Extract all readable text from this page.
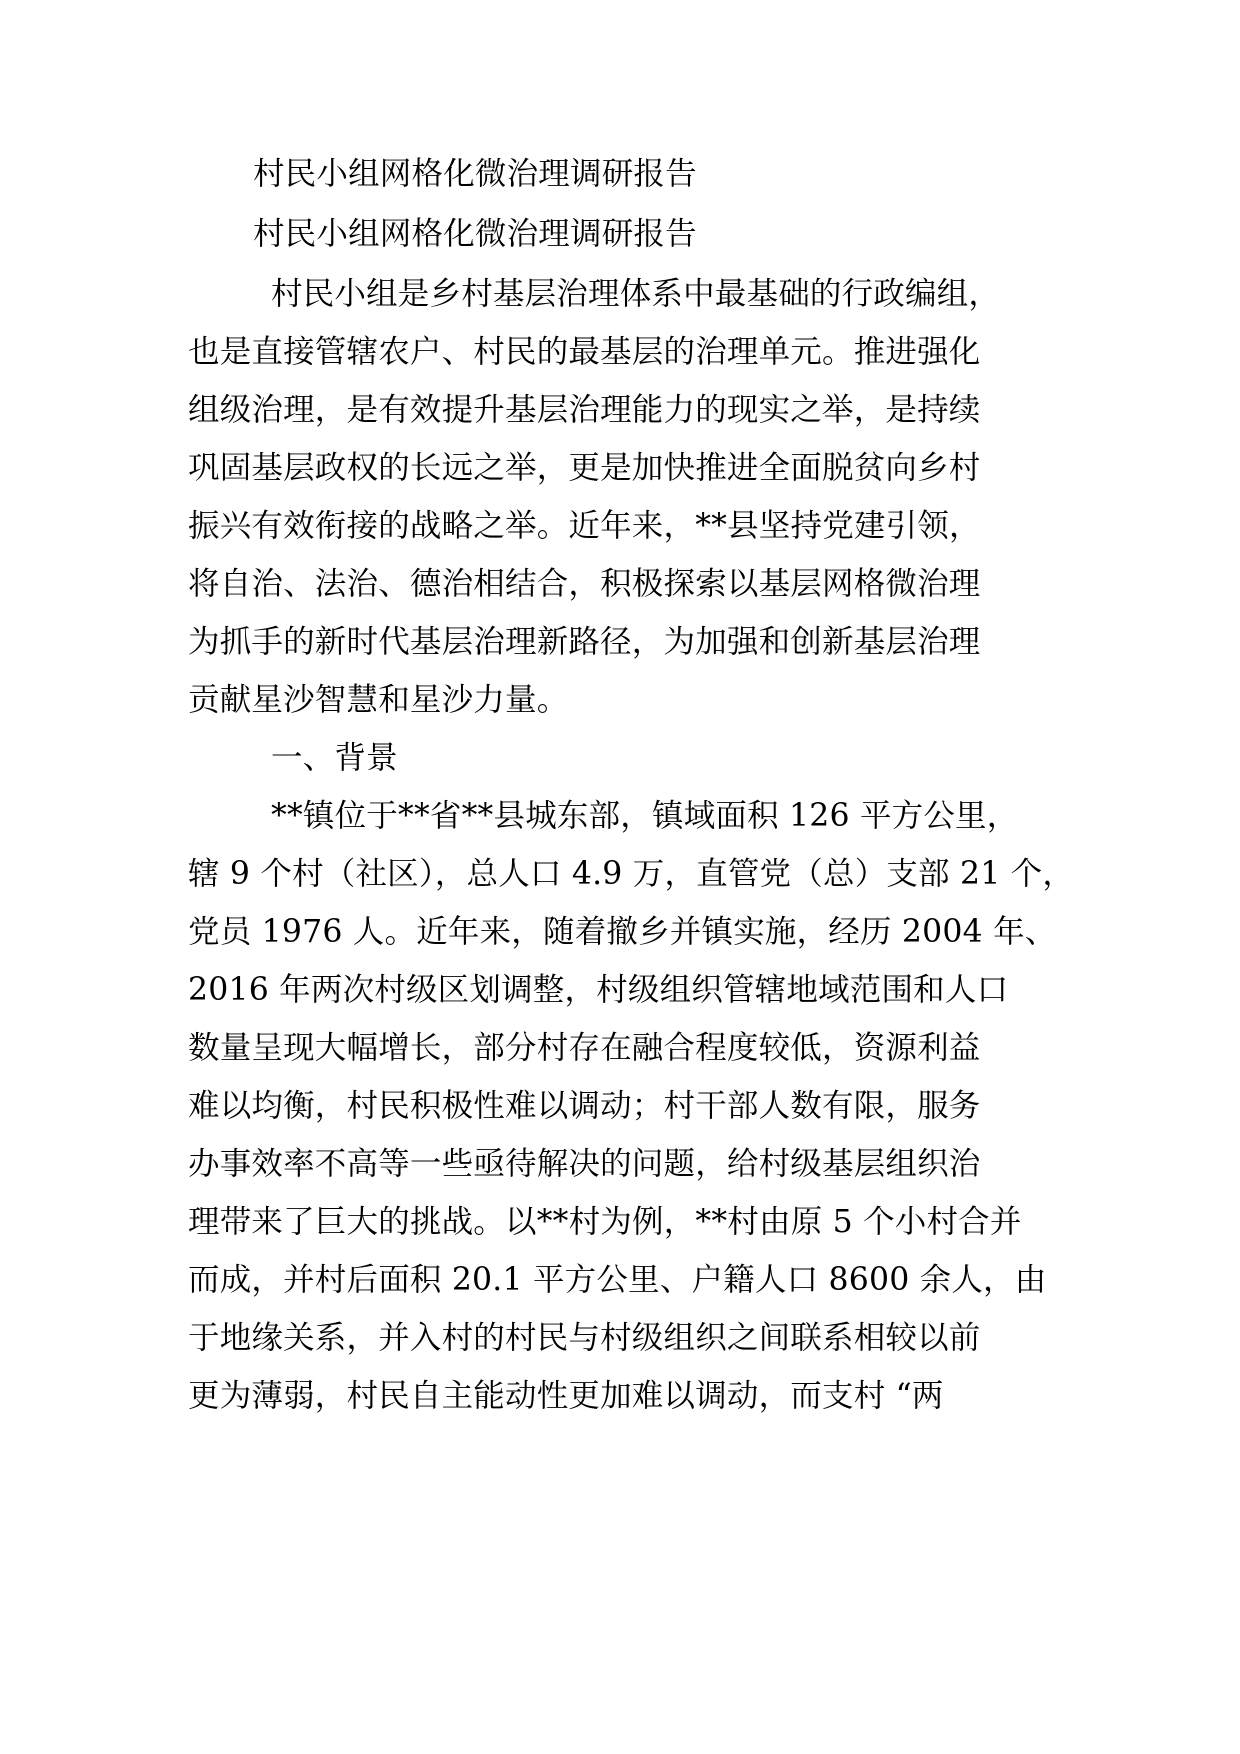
村民小组网格化微治理调研报告
村民小组网格化微治理调研报告
村民小组是乡村基层治理体系中最基础的行政编组，
也是直接管辖农户、村民的最基层的治理单元。推进强化
组级治理，是有效提升基层治理能力的现实之举，是持续
巩固基层政权的长远之举，更是加快推进全面脱贫向乡村
振兴有效衔接的战略之举。近年来，**县坚持党建引领，
将自治、法治、德治相结合，积极探索以基层网格微治理
为抓手的新时代基层治理新路径，为加强和创新基层治理
贡献星沙智慧和星沙力量。
一、背景
**镇位于**省**县城东部，镇域面积 126 平方公里，
辖 9 个村（社区），总人口 4.9 万，直管党（总）支部 21 个，
党员 1976 人。近年来，随着撤乡并镇实施，经历 2004 年、
2016 年两次村级区划调整，村级组织管辖地域范围和人口
数量呈现大幅增长，部分村存在融合程度较低，资源利益
难以均衡，村民积极性难以调动；村干部人数有限，服务
办事效率不高等一些亟待解决的问题，给村级基层组织治
理带来了巨大的挑战。以**村为例，**村由原 5 个小村合并
而成，并村后面积 20.1 平方公里、户籍人口 8600 余人，由
于地缘关系，并入村的村民与村级组织之间联系相较以前
更为薄弱，村民自主能动性更加难以调动，而支村 “两
